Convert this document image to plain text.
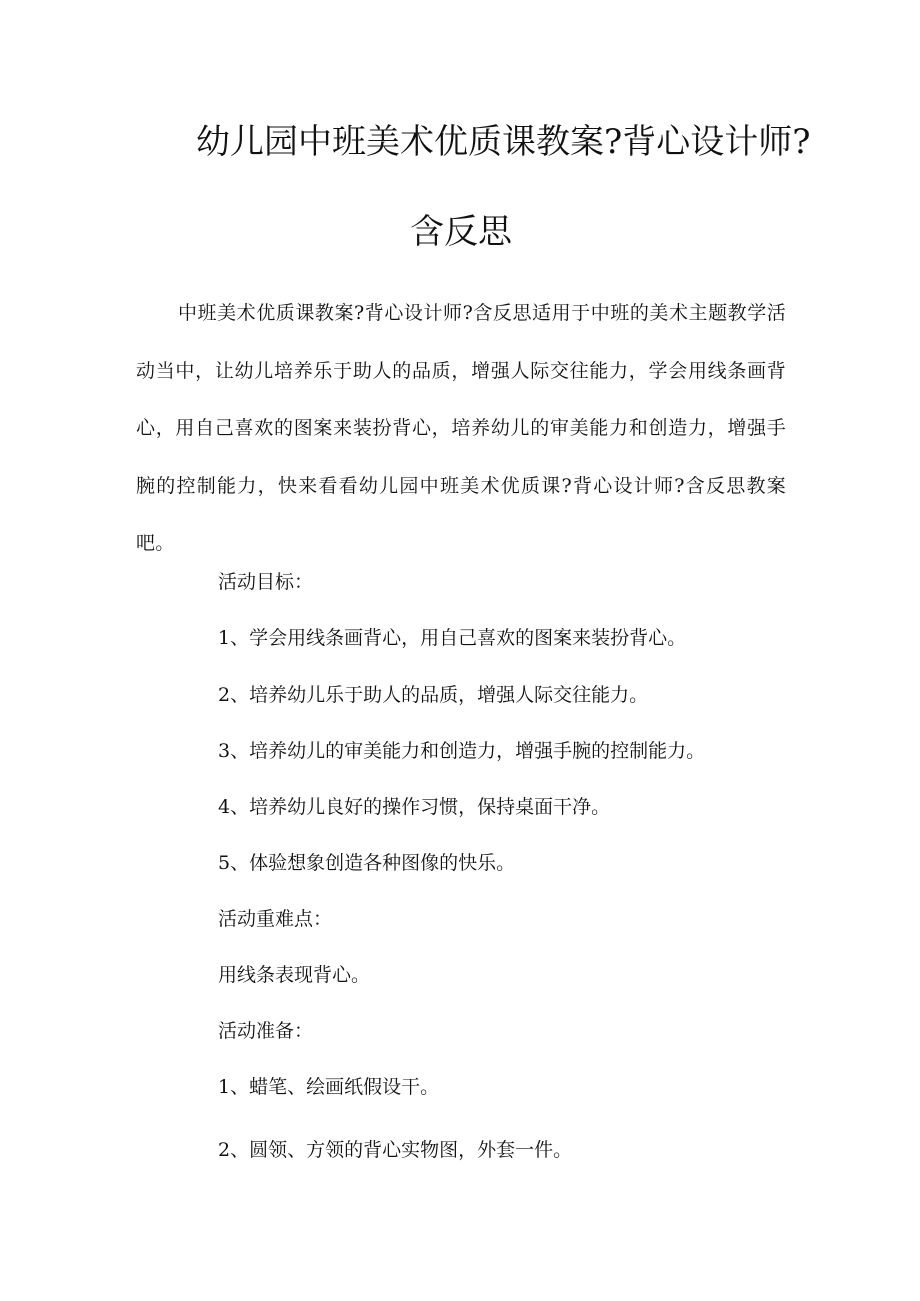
幼儿园中班美术优质课教案?背心设计师?
含反思

中班美术优质课教案?背心设计师?含反思适用于中班的美术主题教学活动当中，让幼儿培养乐于助人的品质，增强人际交往能力，学会用线条画背心，用自己喜欢的图案来装扮背心，培养幼儿的审美能力和创造力，增强手腕的控制能力，快来看看幼儿园中班美术优质课?背心设计师?含反思教案吧。

活动目标：
1、学会用线条画背心，用自己喜欢的图案来装扮背心。
2、培养幼儿乐于助人的品质，增强人际交往能力。
3、培养幼儿的审美能力和创造力，增强手腕的控制能力。
4、培养幼儿良好的操作习惯，保持桌面干净。
5、体验想象创造各种图像的快乐。
活动重难点：
用线条表现背心。
活动准备：
1、蜡笔、绘画纸假设干。
2、圆领、方领的背心实物图，外套一件。
